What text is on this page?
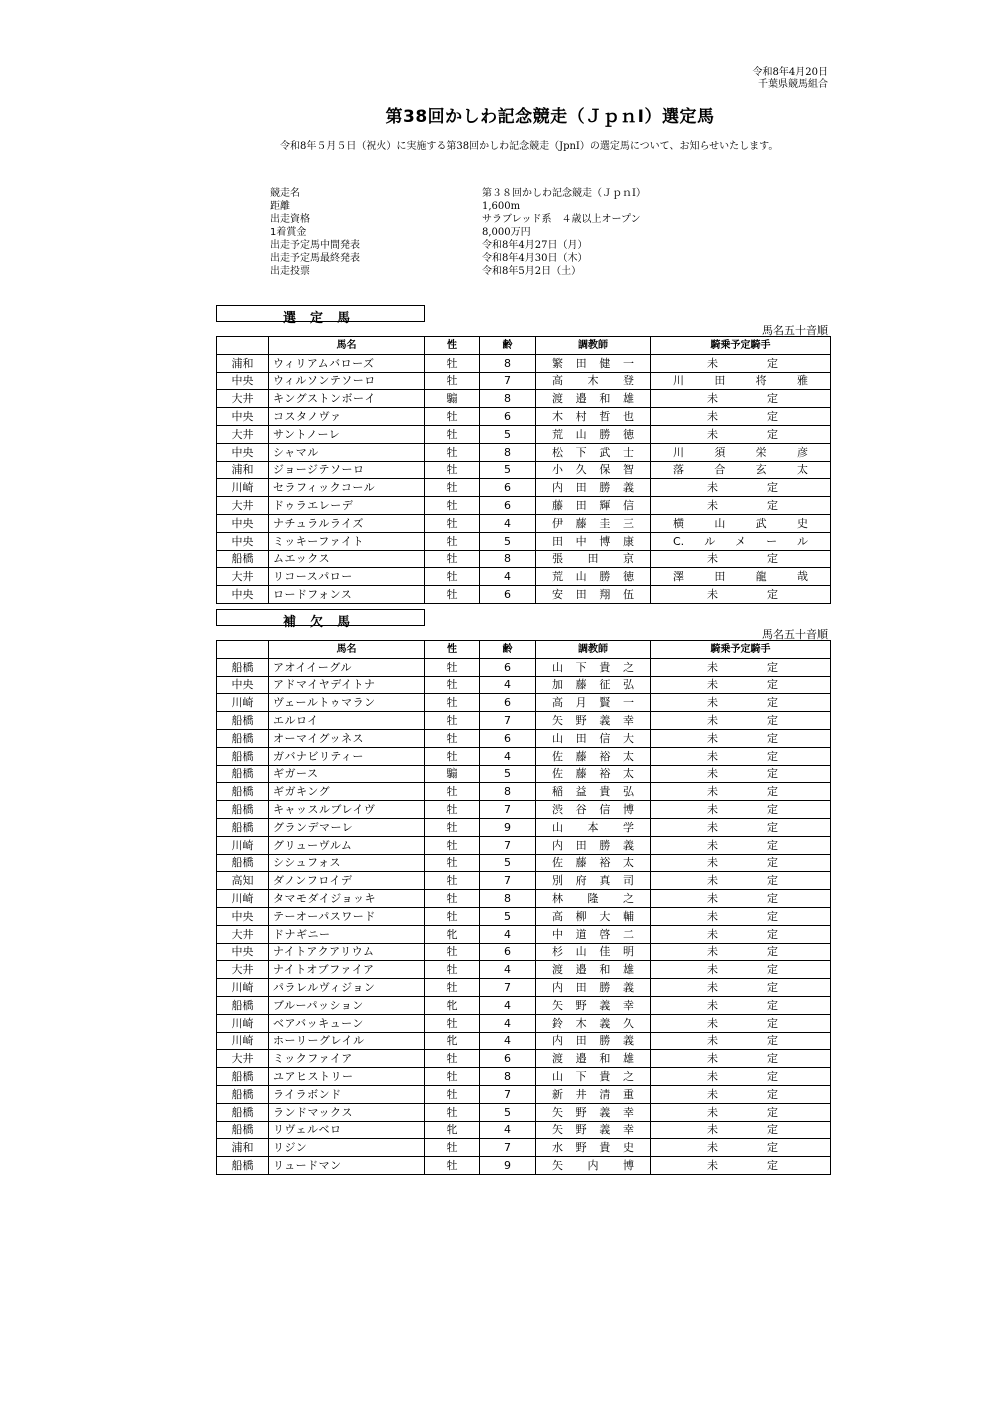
令和8年4月20日
千葉県競馬組合
第38回かしわ記念競走（ＪｐｎⅠ）選定馬

令和8年５月５日（祝火）に実施する第38回かしわ記念競走（JpnⅠ）の選定馬について、お知らせいたします。

競走名	第３８回かしわ記念競走（ＪｐｎⅠ）
距離	1,600m
出走資格	サラブレッド系　４歳以上オープン
1着賞金	8,000万円
出走予定馬中間発表	令和8年4月27日（月）
出走予定馬最終発表	令和8年4月30日（木）
出走投票	令和8年5月2日（土）
選定馬
馬名五十音順
	馬名	性	齢	調教師	騎乗予定騎手
浦和	ウィリアムバローズ	牡	8	繁田健一	未定
中央	ウィルソンテソーロ	牡	7	高木登	川田将雅
大井	キングストンボーイ	騸	8	渡邉和雄	未定
中央	コスタノヴァ	牡	6	木村哲也	未定
大井	サントノーレ	牡	5	荒山勝徳	未定
中央	シャマル	牡	8	松下武士	川須栄彦
浦和	ジョージテソーロ	牡	5	小久保智	落合玄太
川崎	セラフィックコール	牡	6	内田勝義	未定
大井	ドゥラエレーデ	牡	6	藤田輝信	未定
中央	ナチュラルライズ	牡	4	伊藤圭三	横山武史
中央	ミッキーファイト	牡	5	田中博康	C.ルメール
船橋	ムエックス	牡	8	張田京	未定
大井	リコースパロー	牡	4	荒山勝徳	澤田龍哉
中央	ロードフォンス	牡	6	安田翔伍	未定
補欠馬
馬名五十音順
	馬名	性	齢	調教師	騎乗予定騎手
船橋	アオイイーグル	牡	6	山下貴之	未定
中央	アドマイヤデイトナ	牡	4	加藤征弘	未定
川崎	ヴェールトゥマラン	牡	6	高月賢一	未定
船橋	エルロイ	牡	7	矢野義幸	未定
船橋	オーマイグッネス	牡	6	山田信大	未定
船橋	ガバナビリティー	牡	4	佐藤裕太	未定
船橋	ギガース	騸	5	佐藤裕太	未定
船橋	ギガキング	牡	8	稲益貴弘	未定
船橋	キャッスルブレイヴ	牡	7	渋谷信博	未定
船橋	グランデマーレ	牡	9	山本学	未定
川崎	グリューヴルム	牡	7	内田勝義	未定
船橋	シシュフォス	牡	5	佐藤裕太	未定
高知	ダノンフロイデ	牡	7	別府真司	未定
川崎	タマモダイジョッキ	牡	8	林隆之	未定
中央	テーオーパスワード	牡	5	高柳大輔	未定
大井	ドナギニー	牝	4	中道啓二	未定
中央	ナイトアクアリウム	牡	6	杉山佳明	未定
大井	ナイトオブファイア	牡	4	渡邉和雄	未定
川崎	パラレルヴィジョン	牡	7	内田勝義	未定
船橋	ブルーパッション	牝	4	矢野義幸	未定
川崎	ベアバッキューン	牡	4	鈴木義久	未定
川崎	ホーリーグレイル	牝	4	内田勝義	未定
大井	ミックファイア	牡	6	渡邉和雄	未定
船橋	ユアヒストリー	牡	8	山下貴之	未定
船橋	ライラボンド	牡	7	新井清重	未定
船橋	ランドマックス	牡	5	矢野義幸	未定
船橋	リヴェルベロ	牝	4	矢野義幸	未定
浦和	リジン	牡	7	水野貴史	未定
船橋	リュードマン	牡	9	矢内博	未定
